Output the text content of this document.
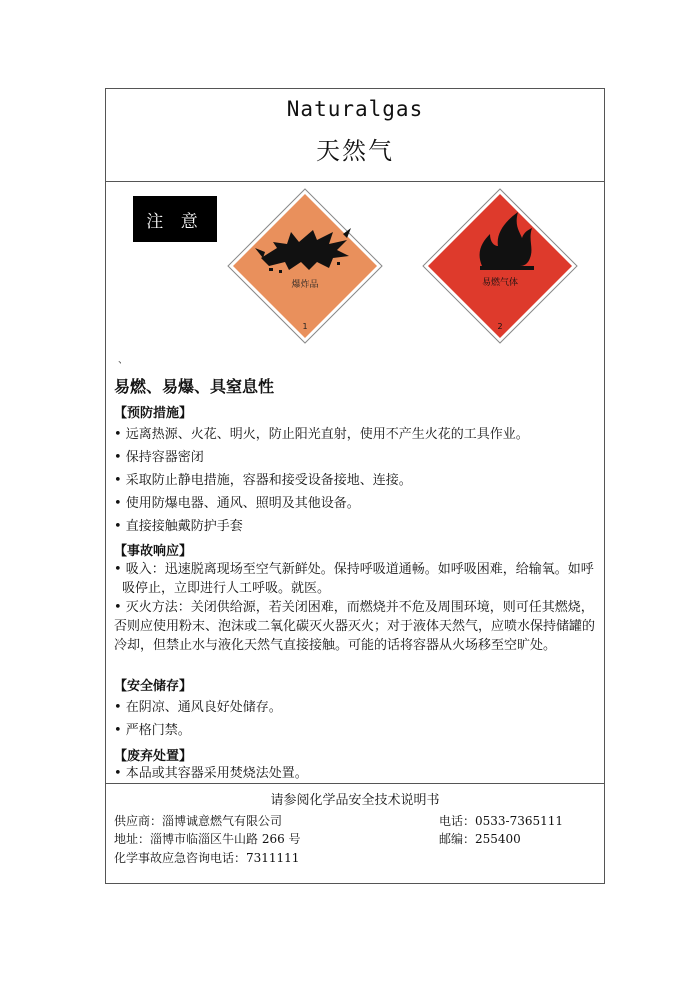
Naturalgas
天然气
注 意
爆炸品
1
易燃气体
2
、
易燃、易爆、具窒息性
【预防措施】
• 远离热源、火花、明火，防止阳光直射，使用不产生火花的工具作业。
• 保持容器密闭
• 采取防止静电措施，容器和接受设备接地、连接。
• 使用防爆电器、通风、照明及其他设备。
• 直接接触戴防护手套
【事故响应】
• 吸入：迅速脱离现场至空气新鲜处。保持呼吸道通畅。如呼吸困难，给输氧。如呼吸停止，立即进行人工呼吸。就医。
• 灭火方法：关闭供给源，若关闭困难，而燃烧并不危及周围环境，则可任其燃烧，否则应使用粉末、泡沫或二氧化碳灭火器灭火；对于液体天然气，应喷水保持储罐的冷却，但禁止水与液化天然气直接接触。可能的话将容器从火场移至空旷处。
【安全储存】
• 在阴凉、通风良好处储存。
• 严格门禁。
【废弃处置】
• 本品或其容器采用焚烧法处置。
请参阅化学品安全技术说明书
供应商：淄博诚意燃气有限公司	电话：0533-7365111
地址：淄博市临淄区牛山路 266 号	邮编：255400
化学事故应急咨询电话：7311111
